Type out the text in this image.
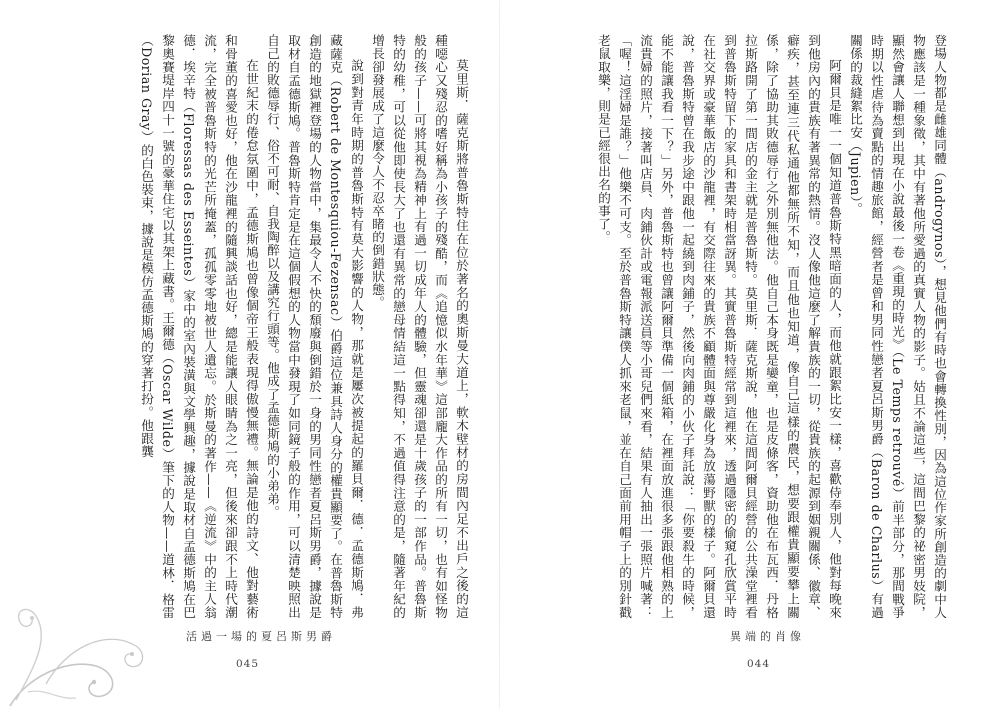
莫里斯．薩克斯將普魯斯特住在位於著名的奧斯曼大道上，軟木壁材的房間內足不出戶之後的這種噁心又殘忍的嗜好稱為小孩子的殘酷，而《追憶似水年華》這部龐大作品的所有一切，也有如怪物般的孩子——可將其視為精神上有過一切成年人的體驗，但靈魂卻還是十歲孩子的一部作品。普魯斯特的幼稚，可以從他即使長大了也還有異常的戀母情結這一點得知，不過值得注意的是，隨著年紀的增長卻發展成了這麼令人不忍卒睹的倒錯狀態。

說到對青年時期的普魯斯特有莫大影響的人物，那就是屢次被提起的羅貝爾．德．孟德斯鳩．弗藏薩克（Robert de Montesquiou-Fezensac）伯爵這位兼具詩人身分的權貴顯要了。在普魯斯特創造的地獄裡登場的人物當中，集最令人不快的頹廢與倒錯於一身的男同性戀者夏呂斯男爵，據說是取材自孟德斯鳩。普魯斯特肯定是在這個假想的人物當中發現了如同鏡子般的作用，可以清楚映照出自己的敗德辱行、俗不可耐、自我陶醉以及講究行頭等。他成了孟德斯鳩的小弟弟。

在世紀末的倦怠氛圍中，孟德斯鳩也曾像個帝王般表現得傲慢無禮。無論是他的詩文、他對藝術和骨董的喜愛也好，他在沙龍裡的隨興談話也好，總是能讓人眼睛為之一亮，但後來卻跟不上時代潮流，完全被普魯斯特的光芒所掩蓋，孤孤零零地被世人遺忘。於斯曼的著作——《逆流》中的主人翁德．埃辛特（Floressas des Esseintes）家中的室內裝潢與文學興趣，據說是取材自孟德斯鳩在巴黎奧賽堤岸四十一號的豪華住宅以其架上藏書。王爾德（Oscar Wilde）筆下的人物——道林．格雷（Dorian Gray）的白色裝束，據說是模仿孟德斯鳩的穿著打扮。他跟龔

活過一場的夏呂斯男爵
045

登場人物都是雌雄同體（androgynos），想見他們有時也會轉換性別，因為這位作家所創造的劇中人物應該是一種象徵，其中有著他所愛過的真實人物的影子。姑且不論這些，這間巴黎的祕密男妓院，顯然會讓人聯想到出現在小說最後一卷《重現的時光》（Le Temps retrouvé）前半部分，那間戰爭時期以性虐待為賣點的情趣旅館，經營者是曾和男同性戀者夏呂斯男爵（Baron de Charlus）有過關係的裁縫絮比安（Jupien）。

阿爾貝是唯一一個知道普魯斯特黑暗面的人，而他就跟絮比安一樣，喜歡侍奉別人，他對每晚來到他房內的貴族有著異常的熱情。沒人像他這麼了解貴族的一切，從貴族的起源到姻親關係、徽章、癖疾，甚至連三代私通他都無所不知，而且他也知道，像自己這樣的農民，想要跟權貴顯要攀上關係，除了協助其敗德辱行之外別無他法。他自己本身既是孌童，也是皮條客，資助他在布瓦西．丹格拉斯路開了第一間店的金主就是普魯斯特。莫里斯．薩克斯說，他在這間阿爾貝經營的公共澡堂裡看到普魯斯特留下的家具和書架時相當訝異。其實普魯斯特經常到這裡來，透過隱密的偷窺孔欣賞平時在社交界或豪華飯店的沙龍裡，有交際往來的貴族不顧體面與尊嚴化身為放蕩野獸的樣子。阿爾貝還說，普魯斯特曾在我步途中跟他一起繞到肉鋪子，然後向肉鋪的小伙子拜託說：「你要殺牛的時候，能不能讓我看一下？」另外，普魯斯特也曾讓阿爾貝準備一個紙箱，在裡面放進很多張跟他相熟的上流貴婦的照片，接著叫店員、肉鋪伙計或電報派送員等小哥兒們來看，結果有人抽出一張照片喊著：「喔！這淫婦是誰？」他樂不可支。至於普魯斯特讓僕人抓來老鼠，並在自己面前用帽子上的別針戳老鼠取樂，則是已經很出名的事了。

異端的肖像
044
